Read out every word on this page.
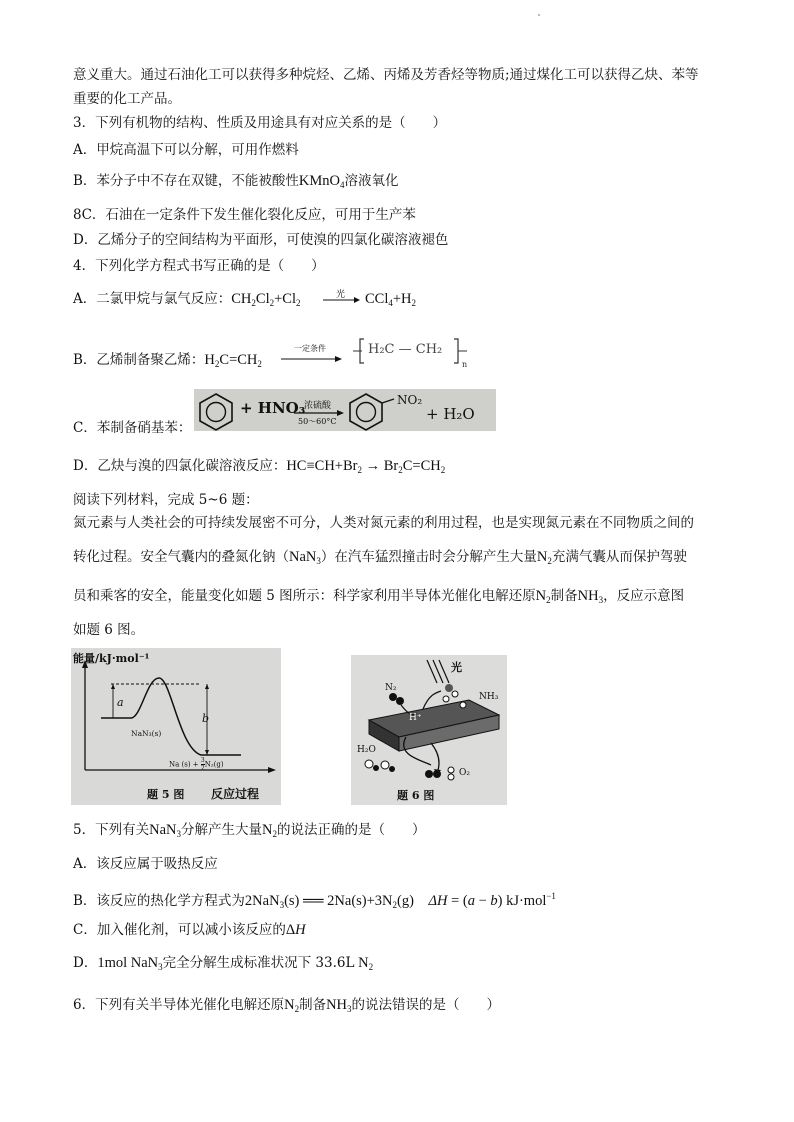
意义重大。通过石油化工可以获得多种烷烃、乙烯、丙烯及芳香烃等物质;通过煤化工可以获得乙炔、苯等
重要的化工产品。
3．下列有机物的结构、性质及用途具有对应关系的是（　　）
A．甲烷高温下可以分解，可用作燃料
B．苯分子中不存在双键，不能被酸性KMnO$_4$溶液氧化
8C．石油在一定条件下发生催化裂化反应，可用于生产苯
D．乙烯分子的空间结构为平面形，可使溴的四氯化碳溶液褪色
4．下列化学方程式书写正确的是（　　）
A．二氯甲烷与氯气反应：$CH_2Cl_2+Cl_2$
光 $CCl_4+H_2$
B．乙烯制备聚乙烯：$H_2C=CH_2$
一定条件
n
H₂C — CH₂
C．苯制备硝基苯：
+ HNO₃
浓硫酸
50～60°C
NO₂
+ H₂O
D．乙炔与溴的四氯化碳溶液反应：$HC\equiv CH+Br_2 \to Br_2C=CH_2$
阅读下列材料，完成 5~6 题：
氮元素与人类社会的可持续发展密不可分，人类对氮元素的利用过程，也是实现氮元素在不同物质之间的
转化过程。安全气囊内的叠氮化钠（NaN$_3$）在汽车猛烈撞击时会分解产生大量$N_2$充满气囊从而保护驾驶
员和乘客的安全，能量变化如题 5 图所示：科学家利用半导体光催化电解还原$N_2$制备$NH_3$，反应示意图
如题 6 图。
能量/kJ·mol⁻¹
a
b
NaN₃(s)
Na $(s) + \frac{3}{2} N_2(g)$
题 5 图 反应过程
光
N₂
NH₃
H⁺
H₂O
O₂
题 6 图
5．下列有关NaN$_3$分解产生大量$N_2$的说法正确的是（　　）
A．该反应属于吸热反应
B．该反应的热化学方程式为2NaN$_3$(s) ══ $2Na(s)+3N_2(g)$    ΔH = (a − b) kJ·mol$^{-1}$
C．加入催化剂，可以减小该反应的ΔH
D．1mol NaN$_3$完全分解生成标准状况下 33.6L $N_2$
6．下列有关半导体光催化电解还原$N_2$制备$NH_3$的说法错误的是（　　）
